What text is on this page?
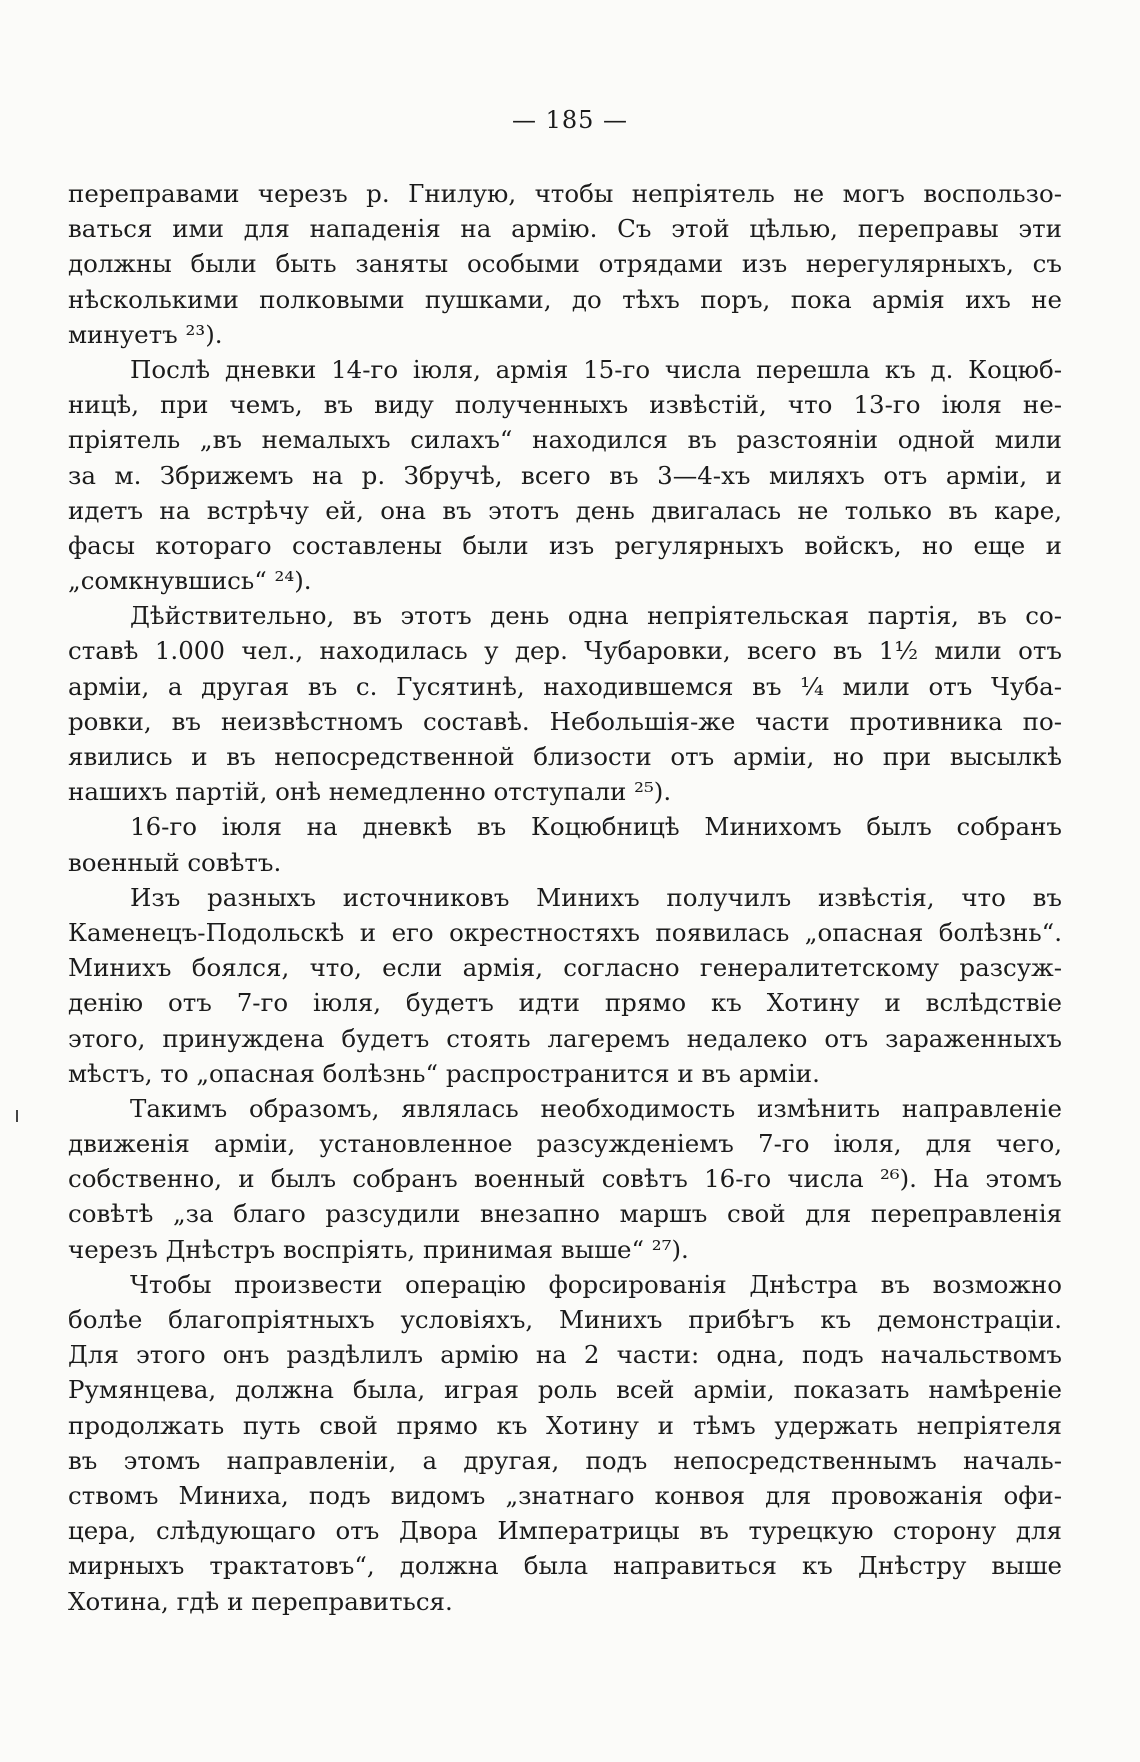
— 185 —
переправами черезъ р. Гнилую, чтобы непріятель не могъ воспользо-
ваться ими для нападенія на армію. Съ этой цѣлью, переправы эти
должны были быть заняты особыми отрядами изъ нерегулярныхъ, съ
нѣсколькими полковыми пушками, до тѣхъ поръ, пока армія ихъ не
минуетъ ²³).
Послѣ дневки 14-го іюля, армія 15-го числа перешла къ д. Коцюб-
ницѣ, при чемъ, въ виду полученныхъ извѣстій, что 13-го іюля не-
пріятель „въ немалыхъ силахъ“ находился въ разстояніи одной мили
за м. Збрижемъ на р. Збручѣ, всего въ 3—4-хъ миляхъ отъ арміи, и
идетъ на встрѣчу ей, она въ этотъ день двигалась не только въ каре,
фасы котораго составлены были изъ регулярныхъ войскъ, но еще и
„сомкнувшись“ ²⁴).
Дѣйствительно, въ этотъ день одна непріятельская партія, въ со-
ставѣ 1.000 чел., находилась у дер. Чубаровки, всего въ 1½ мили отъ
арміи, а другая въ с. Гусятинѣ, находившемся въ ¼ мили отъ Чуба-
ровки, въ неизвѣстномъ составѣ. Небольшія-же части противника по-
явились и въ непосредственной близости отъ арміи, но при высылкѣ
нашихъ партій, онѣ немедленно отступали ²⁵).
16-го іюля на дневкѣ въ Коцюбницѣ Минихомъ былъ собранъ
военный совѣтъ.
Изъ разныхъ источниковъ Минихъ получилъ извѣстія, что въ
Каменецъ-Подольскѣ и его окрестностяхъ появилась „опасная болѣзнь“.
Минихъ боялся, что, если армія, согласно генералитетскому разсуж-
денію отъ 7-го іюля, будетъ идти прямо къ Хотину и вслѣдствіе
этого, принуждена будетъ стоять лагеремъ недалеко отъ зараженныхъ
мѣстъ, то „опасная болѣзнь“ распространится и въ арміи.
Такимъ образомъ, являлась необходимость измѣнить направленіе
движенія арміи, установленное разсужденіемъ 7-го іюля, для чего,
собственно, и былъ собранъ военный совѣтъ 16-го числа ²⁶). На этомъ
совѣтѣ „за благо разсудили внезапно маршъ свой для переправленія
черезъ Днѣстръ воспріять, принимая выше“ ²⁷).
Чтобы произвести операцію форсированія Днѣстра въ возможно
болѣе благопріятныхъ условіяхъ, Минихъ прибѣгъ къ демонстраціи.
Для этого онъ раздѣлилъ армію на 2 части: одна, подъ начальствомъ
Румянцева, должна была, играя роль всей арміи, показать намѣреніе
продолжать путь свой прямо къ Хотину и тѣмъ удержать непріятеля
въ этомъ направленіи, а другая, подъ непосредственнымъ началь-
ствомъ Миниха, подъ видомъ „знатнаго конвоя для провожанія офи-
цера, слѣдующаго отъ Двора Императрицы въ турецкую сторону для
мирныхъ трактатовъ“, должна была направиться къ Днѣстру выше
Хотина, гдѣ и переправиться.
